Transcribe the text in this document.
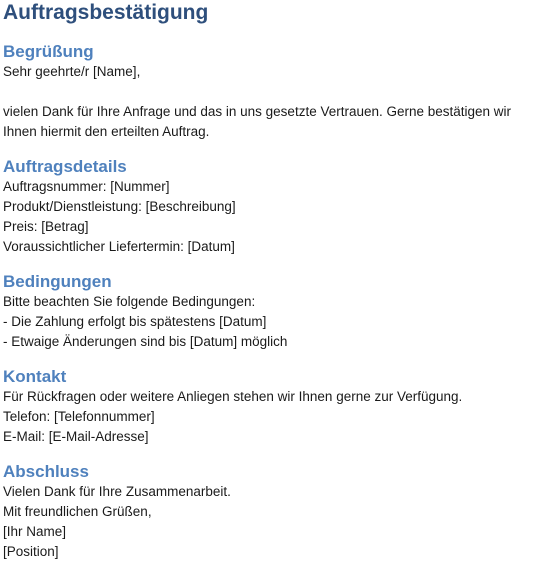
Auftragsbestätigung
Begrüßung

Sehr geehrte/r [Name],

vielen Dank für Ihre Anfrage und das in uns gesetzte Vertrauen. Gerne bestätigen wir Ihnen hiermit den erteilten Auftrag.

Auftragsdetails

Auftragsnummer: [Nummer]

Produkt/Dienstleistung: [Beschreibung]

Preis: [Betrag]

Voraussichtlicher Liefertermin: [Datum]

Bedingungen

Bitte beachten Sie folgende Bedingungen:

- Die Zahlung erfolgt bis spätestens [Datum]

- Etwaige Änderungen sind bis [Datum] möglich

Kontakt

Für Rückfragen oder weitere Anliegen stehen wir Ihnen gerne zur Verfügung.

Telefon: [Telefonnummer]

E-Mail: [E-Mail-Adresse]

Abschluss

Vielen Dank für Ihre Zusammenarbeit.

Mit freundlichen Grüßen,

[Ihr Name]

[Position]
